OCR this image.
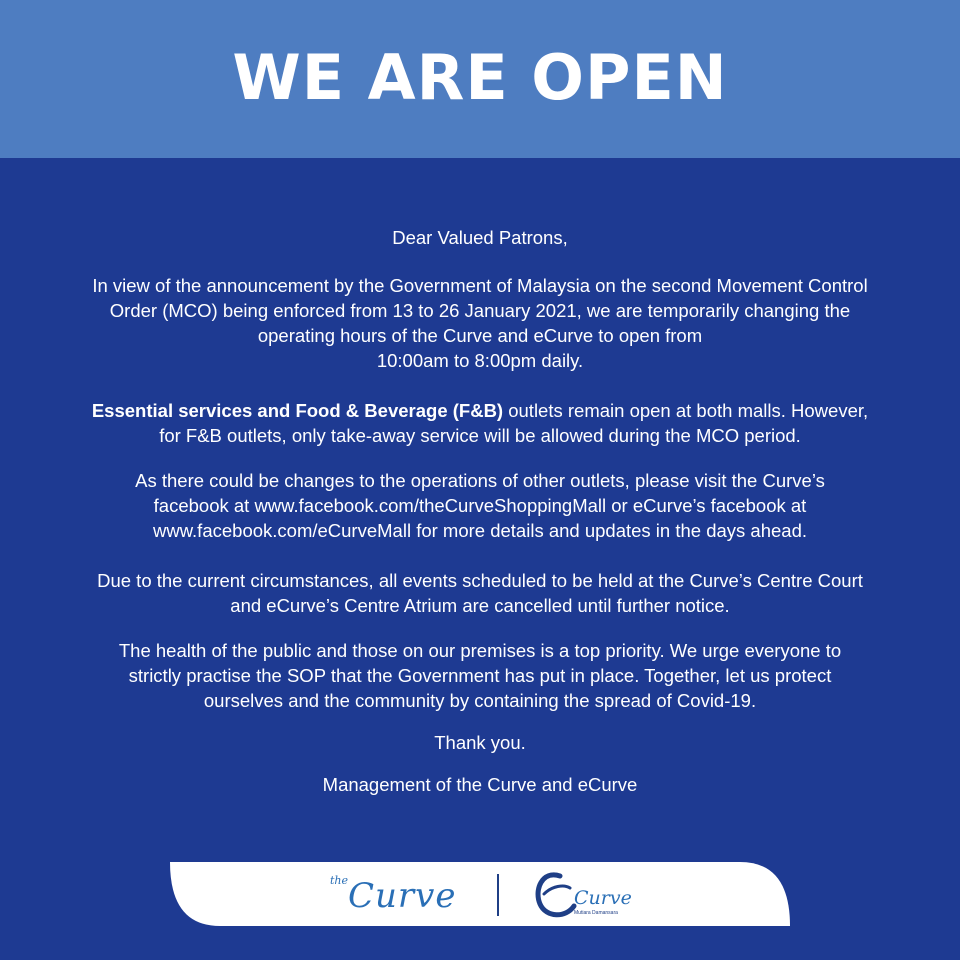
WE ARE OPEN

Dear Valued Patrons,

In view of the announcement by the Government of Malaysia on the second Movement Control
Order (MCO) being enforced from 13 to 26 January 2021, we are temporarily changing the
operating hours of the Curve and eCurve to open from
10:00am to 8:00pm daily.

Essential services and Food & Beverage (F&B) outlets remain open at both malls. However,
for F&B outlets, only take-away service will be allowed during the MCO period.

As there could be changes to the operations of other outlets, please visit the Curve’s
facebook at www.facebook.com/theCurveShoppingMall or eCurve’s facebook at
www.facebook.com/eCurveMall for more details and updates in the days ahead.

Due to the current circumstances, all events scheduled to be held at the Curve’s Centre Court
and eCurve’s Centre Atrium are cancelled until further notice.

The health of the public and those on our premises is a top priority. We urge everyone to
strictly practise the SOP that the Government has put in place. Together, let us protect
ourselves and the community by containing the spread of Covid-19.

Thank you.

Management of the Curve and eCurve

the Curve	Curve
Mutiara Damansara
